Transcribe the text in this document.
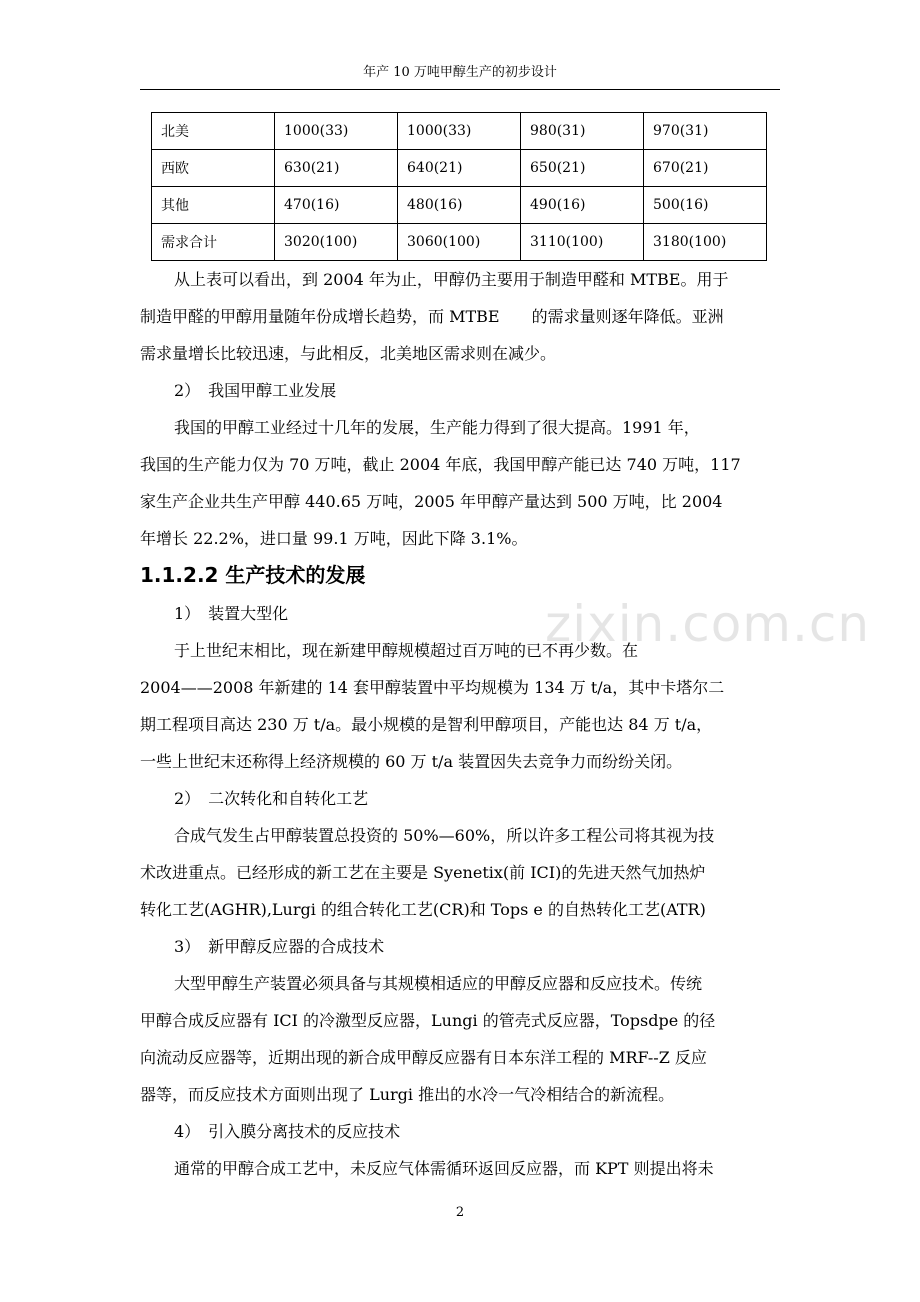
年产 10 万吨甲醇生产的初步设计
北美	1000(33)	1000(33)	980(31)	970(31)
西欧	630(21)	640(21)	650(21)	670(21)
其他	470(16)	480(16)	490(16)	500(16)
需求合计	3020(100)	3060(100)	3110(100)	3180(100)

从上表可以看出，到 2004 年为止，甲醇仍主要用于制造甲醛和 MTBE。用于

制造甲醛的甲醇用量随年份成增长趋势，而 MTBE　　的需求量则逐年降低。亚洲

需求量增长比较迅速，与此相反，北美地区需求则在减少。

2）　我国甲醇工业发展

我国的甲醇工业经过十几年的发展，生产能力得到了很大提高。1991 年，

我国的生产能力仅为 70 万吨，截止 2004 年底，我国甲醇产能已达 740 万吨，117

家生产企业共生产甲醇 440.65 万吨，2005 年甲醇产量达到 500 万吨，比 2004

年增长 22.2%，进口量 99.1 万吨，因此下降 3.1%。

1.1.2.2 生产技术的发展
zixin.com.cn

1）　装置大型化

于上世纪末相比，现在新建甲醇规模超过百万吨的已不再少数。在

2004——2008 年新建的 14 套甲醇装置中平均规模为 134 万 t/a，其中卡塔尔二

期工程项目高达 230 万 t/a。最小规模的是智利甲醇项目，产能也达 84 万 t/a，

一些上世纪末还称得上经济规模的 60 万 t/a 装置因失去竞争力而纷纷关闭。

2）　二次转化和自转化工艺

合成气发生占甲醇装置总投资的 50%—60%，所以许多工程公司将其视为技

术改进重点。已经形成的新工艺在主要是 Syenetix(前 ICI)的先进天然气加热炉

转化工艺(AGHR),Lurgi 的组合转化工艺(CR)和 Tops e 的自热转化工艺(ATR)

3）　新甲醇反应器的合成技术

大型甲醇生产装置必须具备与其规模相适应的甲醇反应器和反应技术。传统

甲醇合成反应器有 ICI 的冷激型反应器，Lungi 的管壳式反应器，Topsdpe 的径

向流动反应器等，近期出现的新合成甲醇反应器有日本东洋工程的 MRF--Z 反应

器等，而反应技术方面则出现了 Lurgi 推出的水冷一气冷相结合的新流程。

4）　引入膜分离技术的反应技术

通常的甲醇合成工艺中，未反应气体需循环返回反应器，而 KPT 则提出将未

2
